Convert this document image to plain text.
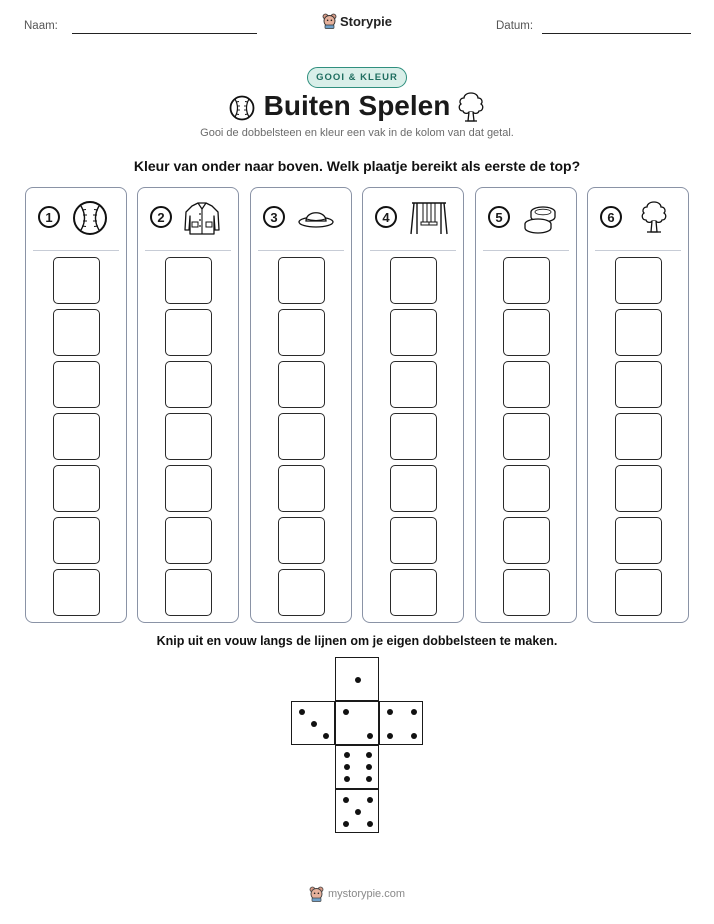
Naam:	Datum:
Storypie
GOOI & KLEUR
Buiten Spelen
Gooi de dobbelsteen en kleur een vak in de kolom van dat getal.
Kleur van onder naar boven. Welk plaatje bereikt als eerste de top?
1	2	3	4	5	6
Knip uit en vouw langs de lijnen om je eigen dobbelsteen te maken.
mystorypie.com
